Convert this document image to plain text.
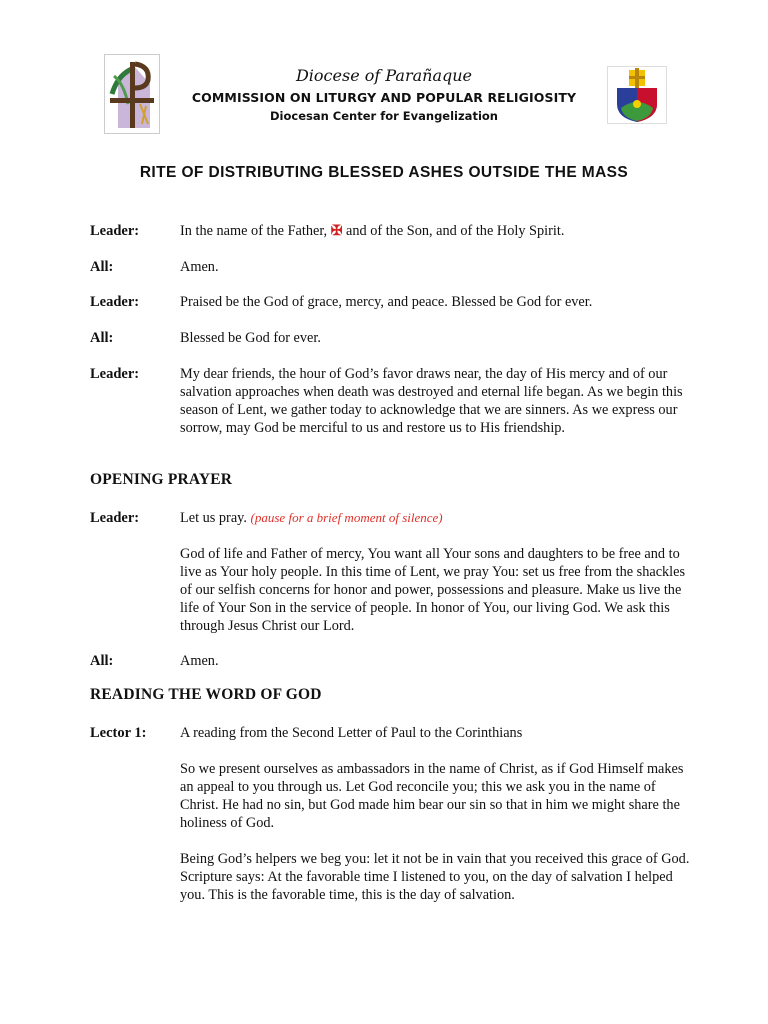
Diocese of Parañaque
COMMISSION ON LITURGY AND POPULAR RELIGIOSITY
Diocesan Center for Evangelization
RITE OF DISTRIBUTING BLESSED ASHES OUTSIDE THE MASS
Leader:	In the name of the Father, ✠ and of the Son, and of the Holy Spirit.
All:	Amen.
Leader:	Praised be the God of grace, mercy, and peace. Blessed be God for ever.
All:	Blessed be God for ever.
Leader:	My dear friends, the hour of God’s favor draws near, the day of His mercy and of our salvation approaches when death was destroyed and eternal life began. As we begin this season of Lent, we gather today to acknowledge that we are sinners. As we express our sorrow, may God be merciful to us and restore us to His friendship.
OPENING PRAYER
Leader:	Let us pray. (pause for a brief moment of silence)
God of life and Father of mercy, You want all Your sons and daughters to be free and to live as Your holy people. In this time of Lent, we pray You: set us free from the shackles of our selfish concerns for honor and power, possessions and pleasure. Make us live the life of Your Son in the service of people. In honor of You, our living God. We ask this through Jesus Christ our Lord.
All:	Amen.
READING THE WORD OF GOD
Lector 1:	A reading from the Second Letter of Paul to the Corinthians
So we present ourselves as ambassadors in the name of Christ, as if God Himself makes an appeal to you through us. Let God reconcile you; this we ask you in the name of Christ. He had no sin, but God made him bear our sin so that in him we might share the holiness of God.
Being God’s helpers we beg you: let it not be in vain that you received this grace of God. Scripture says: At the favorable time I listened to you, on the day of salvation I helped you. This is the favorable time, this is the day of salvation.
